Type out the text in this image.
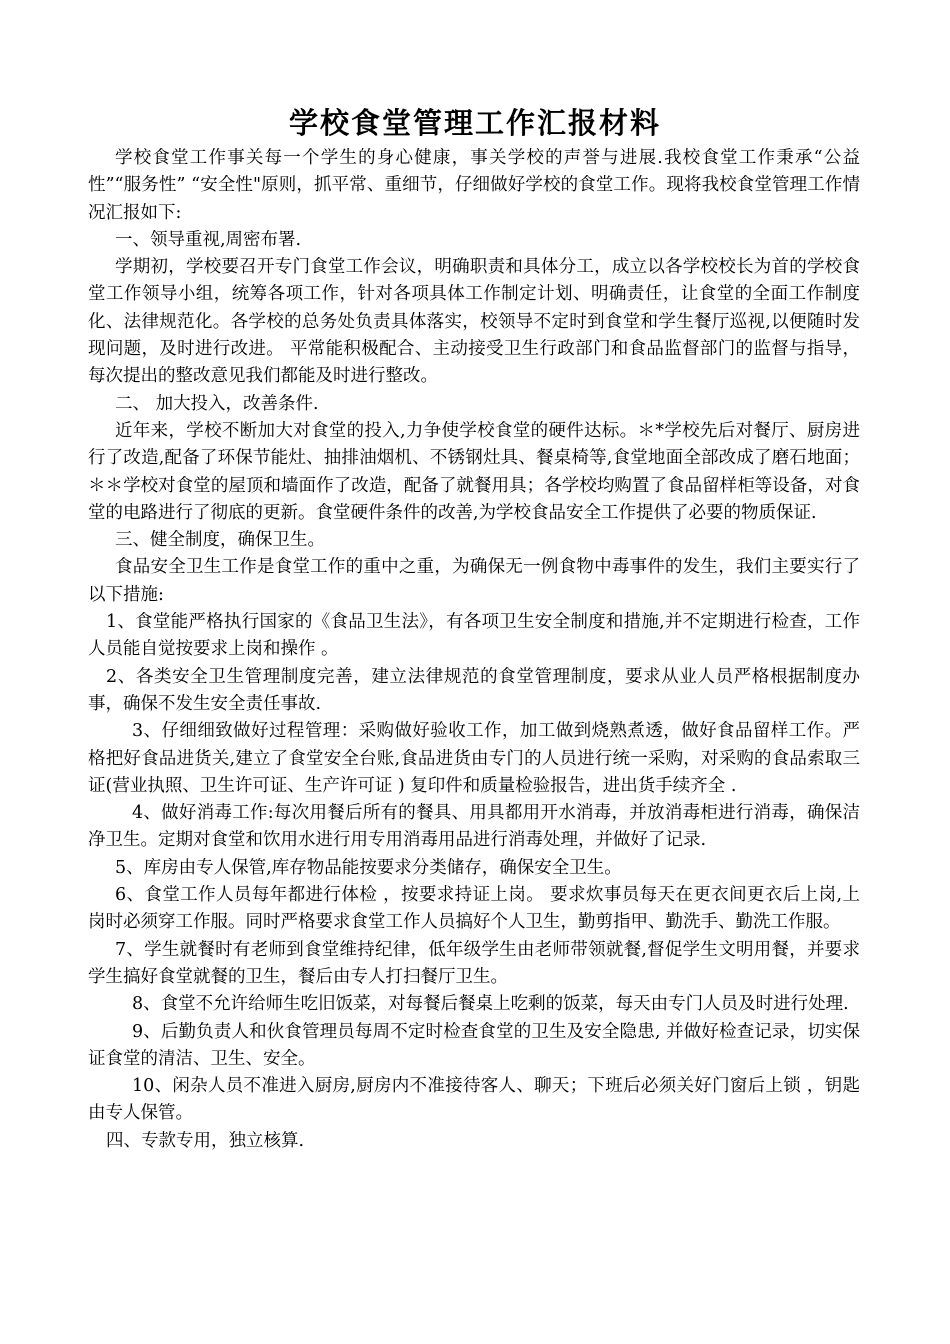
学校食堂管理工作汇报材料

学校食堂工作事关每一个学生的身心健康，事关学校的声誉与进展.我校食堂工作秉承“公益性”“服务性” “安全性"原则，抓平常、重细节，仔细做好学校的食堂工作。现将我校食堂管理工作情况汇报如下:

一、领导重视,周密布署.

学期初，学校要召开专门食堂工作会议，明确职责和具体分工，成立以各学校校长为首的学校食堂工作领导小组，统筹各项工作，针对各项具体工作制定计划、明确责任，让食堂的全面工作制度化、法律规范化。各学校的总务处负责具体落实，校领导不定时到食堂和学生餐厅巡视,以便随时发现问题，及时进行改进。 平常能积极配合、主动接受卫生行政部门和食品监督部门的监督与指导，每次提出的整改意见我们都能及时进行整改。

二、 加大投入，改善条件.

近年来，学校不断加大对食堂的投入,力争使学校食堂的硬件达标。＊*学校先后对餐厅、厨房进行了改造,配备了环保节能灶、抽排油烟机、不锈钢灶具、餐桌椅等,食堂地面全部改成了磨石地面； ＊＊学校对食堂的屋顶和墙面作了改造，配备了就餐用具；各学校均购置了食品留样柜等设备，对食堂的电路进行了彻底的更新。食堂硬件条件的改善,为学校食品安全工作提供了必要的物质保证.

三、健全制度，确保卫生。

食品安全卫生工作是食堂工作的重中之重，为确保无一例食物中毒事件的发生，我们主要实行了以下措施:

1、食堂能严格执行国家的《食品卫生法》，有各项卫生安全制度和措施,并不定期进行检查，工作人员能自觉按要求上岗和操作 。

2、各类安全卫生管理制度完善，建立法律规范的食堂管理制度，要求从业人员严格根据制度办事，确保不发生安全责任事故.

3、仔细细致做好过程管理：采购做好验收工作，加工做到烧熟煮透，做好食品留样工作。严格把好食品进货关,建立了食堂安全台账,食品进货由专门的人员进行统一采购，对采购的食品索取三证(营业执照、卫生许可证、生产许可证 ) 复印件和质量检验报告，进出货手续齐全 .

4、做好消毒工作:每次用餐后所有的餐具、用具都用开水消毒，并放消毒柜进行消毒，确保洁净卫生。定期对食堂和饮用水进行用专用消毒用品进行消毒处理，并做好了记录.

5、库房由专人保管,库存物品能按要求分类储存，确保安全卫生。

6、食堂工作人员每年都进行体检 ，按要求持证上岗。 要求炊事员每天在更衣间更衣后上岗,上岗时必须穿工作服。同时严格要求食堂工作人员搞好个人卫生，勤剪指甲、勤洗手、勤洗工作服。

7、学生就餐时有老师到食堂维持纪律，低年级学生由老师带领就餐,督促学生文明用餐，并要求学生搞好食堂就餐的卫生，餐后由专人打扫餐厅卫生。

8、食堂不允许给师生吃旧饭菜，对每餐后餐桌上吃剩的饭菜，每天由专门人员及时进行处理.

9、后勤负责人和伙食管理员每周不定时检查食堂的卫生及安全隐患, 并做好检查记录，切实保证食堂的清洁、卫生、安全。

10、闲杂人员不准进入厨房,厨房内不准接待客人、聊天；下班后必须关好门窗后上锁 ，钥匙由专人保管。

四、专款专用，独立核算.
